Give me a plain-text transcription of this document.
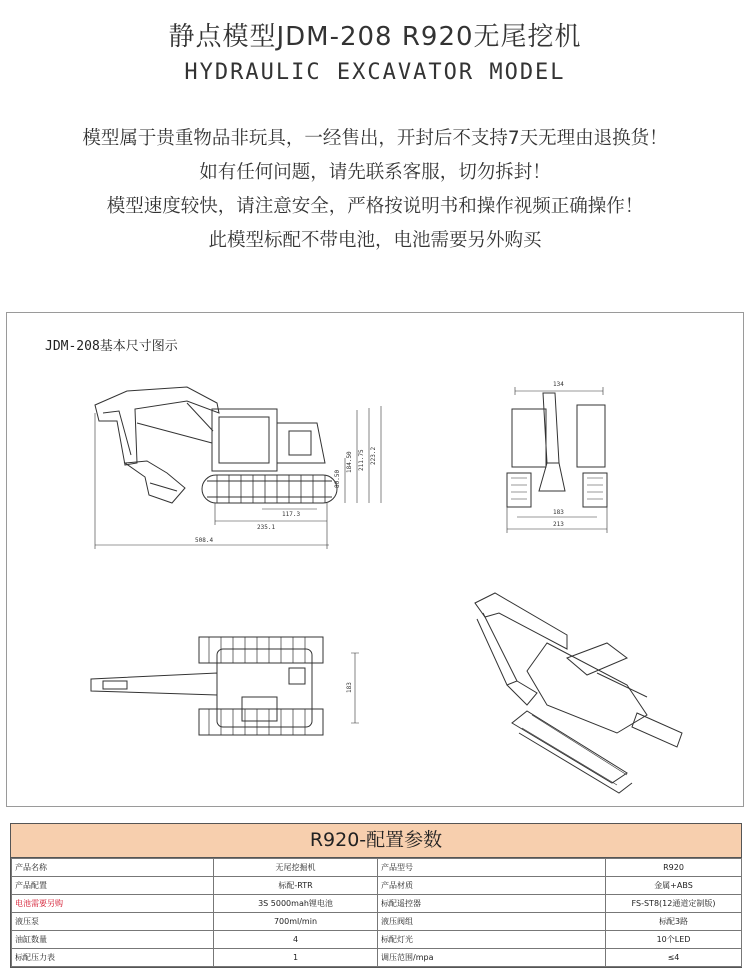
静点模型JDM-208 R920无尾挖机
HYDRAULIC EXCAVATOR MODEL
模型属于贵重物品非玩具，一经售出，开封后不支持7天无理由退换货！
如有任何问题，请先联系客服，切勿拆封！
模型速度较快，请注意安全，严格按说明书和操作视频正确操作！
此模型标配不带电池，电池需要另外购买
JDM-208基本尺寸图示
80.50
184.50 211.75 223.2
117.3
235.1
508.4
134
183
213
183
R920-配置参数
产品名称	无尾挖掘机	产品型号	R920
产品配置	标配-RTR	产品材质	金属+ABS
电池需要另购	3S 5000mah锂电池	标配遥控器	FS-ST8(12通道定制版)
液压泵	700ml/min	液压阀组	标配3路
油缸数量	4	标配灯光	10个LED
标配压力表	1	调压范围/mpa	≤4
